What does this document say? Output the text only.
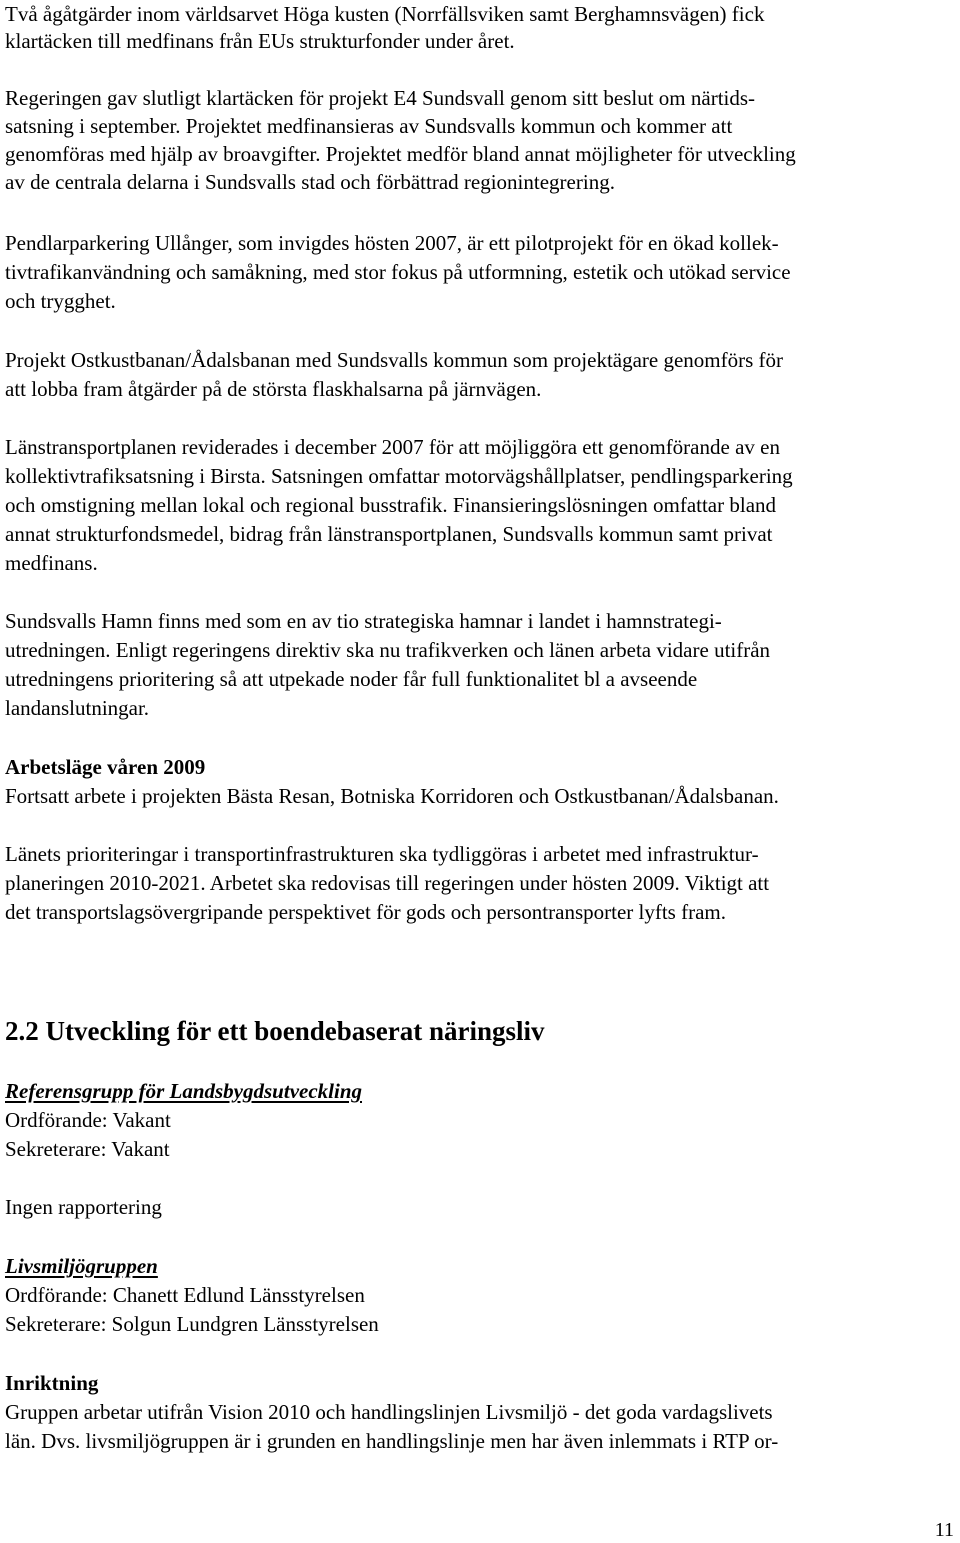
Två ågåtgärder inom världsarvet Höga kusten (Norrfällsviken samt Berghamnsvägen) fick
klartäcken till medfinans från EUs strukturfonder under året.
Regeringen gav slutligt klartäcken för projekt E4 Sundsvall genom sitt beslut om närtids-
satsning i september. Projektet medfinansieras av Sundsvalls kommun och kommer att
genomföras med hjälp av broavgifter. Projektet medför bland annat möjligheter för utveckling
av de centrala delarna i Sundsvalls stad och förbättrad regionintegrering.
Pendlarparkering Ullånger, som invigdes hösten 2007, är ett pilotprojekt för en ökad kollek-
tivtrafikanvändning och samåkning, med stor fokus på utformning, estetik och utökad service
och trygghet.
Projekt Ostkustbanan/Ådalsbanan med Sundsvalls kommun som projektägare genomförs för
att lobba fram åtgärder på de största flaskhalsarna på järnvägen.
Länstransportplanen reviderades i december 2007 för att möjliggöra ett genomförande av en
kollektivtrafiksatsning i Birsta. Satsningen omfattar motorvägshållplatser, pendlingsparkering
och omstigning mellan lokal och regional busstrafik. Finansieringslösningen omfattar bland
annat strukturfondsmedel, bidrag från länstransportplanen, Sundsvalls kommun samt privat
medfinans.
Sundsvalls Hamn finns med som en av tio strategiska hamnar i landet i hamnstrategi-
utredningen. Enligt regeringens direktiv ska nu trafikverken och länen arbeta vidare utifrån
utredningens prioritering så att utpekade noder får full funktionalitet bl a avseende
landanslutningar.
Arbetsläge våren 2009
Fortsatt arbete i projekten Bästa Resan, Botniska Korridoren och Ostkustbanan/Ådalsbanan.
Länets prioriteringar i transportinfrastrukturen ska tydliggöras i arbetet med infrastruktur-
planeringen 2010-2021. Arbetet ska redovisas till regeringen under hösten 2009. Viktigt att
det transportslagsövergripande perspektivet för gods och persontransporter lyfts fram.
2.2 Utveckling för ett boendebaserat näringsliv
Referensgrupp för Landsbygdsutveckling
Ordförande: Vakant
Sekreterare: Vakant
Ingen rapportering
Livsmiljögruppen
Ordförande: Chanett Edlund Länsstyrelsen
Sekreterare: Solgun Lundgren Länsstyrelsen
Inriktning
Gruppen arbetar utifrån Vision 2010 och handlingslinjen Livsmiljö - det goda vardagslivets
län. Dvs. livsmiljögruppen är i grunden en handlingslinje men har även inlemmats i RTP or-
11
